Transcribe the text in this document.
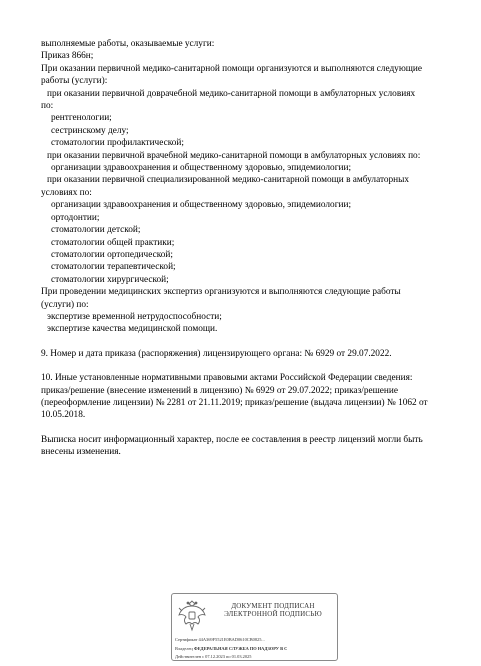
выполняемые работы, оказываемые услуги:
Приказ 866н;
При оказании первичной медико-санитарной помощи организуются и выполняются следующие
работы (услуги):
при оказании первичной доврачебной медико-санитарной помощи в амбулаторных условиях
по:
рентгенологии;
сестринскому делу;
стоматологии профилактической;
при оказании первичной врачебной медико-санитарной помощи в амбулаторных условиях по:
организации здравоохранения и общественному здоровью, эпидемиологии;
при оказании первичной специализированной медико-санитарной помощи в амбулаторных
условиях по:
организации здравоохранения и общественному здоровью, эпидемиологии;
ортодонтии;
стоматологии детской;
стоматологии общей практики;
стоматологии ортопедической;
стоматологии терапевтической;
стоматологии хирургической;
При проведении медицинских экспертиз организуются и выполняются следующие работы
(услуги) по:
экспертизе временной нетрудоспособности;
экспертизе качества медицинской помощи.
9. Номер и дата приказа (распоряжения) лицензирующего органа: № 6929 от 29.07.2022.
10. Иные установленные нормативными правовыми актами Российской Федерации сведения:
приказ/решение (внесение изменений в лицензию) № 6929 от 29.07.2022; приказ/решение
(переоформление лицензии) № 2281 от 21.11.2019; приказ/решение (выдача лицензии) № 1062 от
10.05.2018.
Выписка носит информационный характер, после ее составления в реестр лицензий могли быть
внесены изменения.
ДОКУМЕНТ ПОДПИСАН
ЭЛЕКТРОННОЙ ПОДПИСЬЮ
Сертификат 44A369F5521E0BAD0610CB0825...
Владелец ФЕДЕРАЛЬНАЯ СЛУЖБА ПО НАДЗОРУ В С
Действителен с 07.12.2023 по 01.03.2025
